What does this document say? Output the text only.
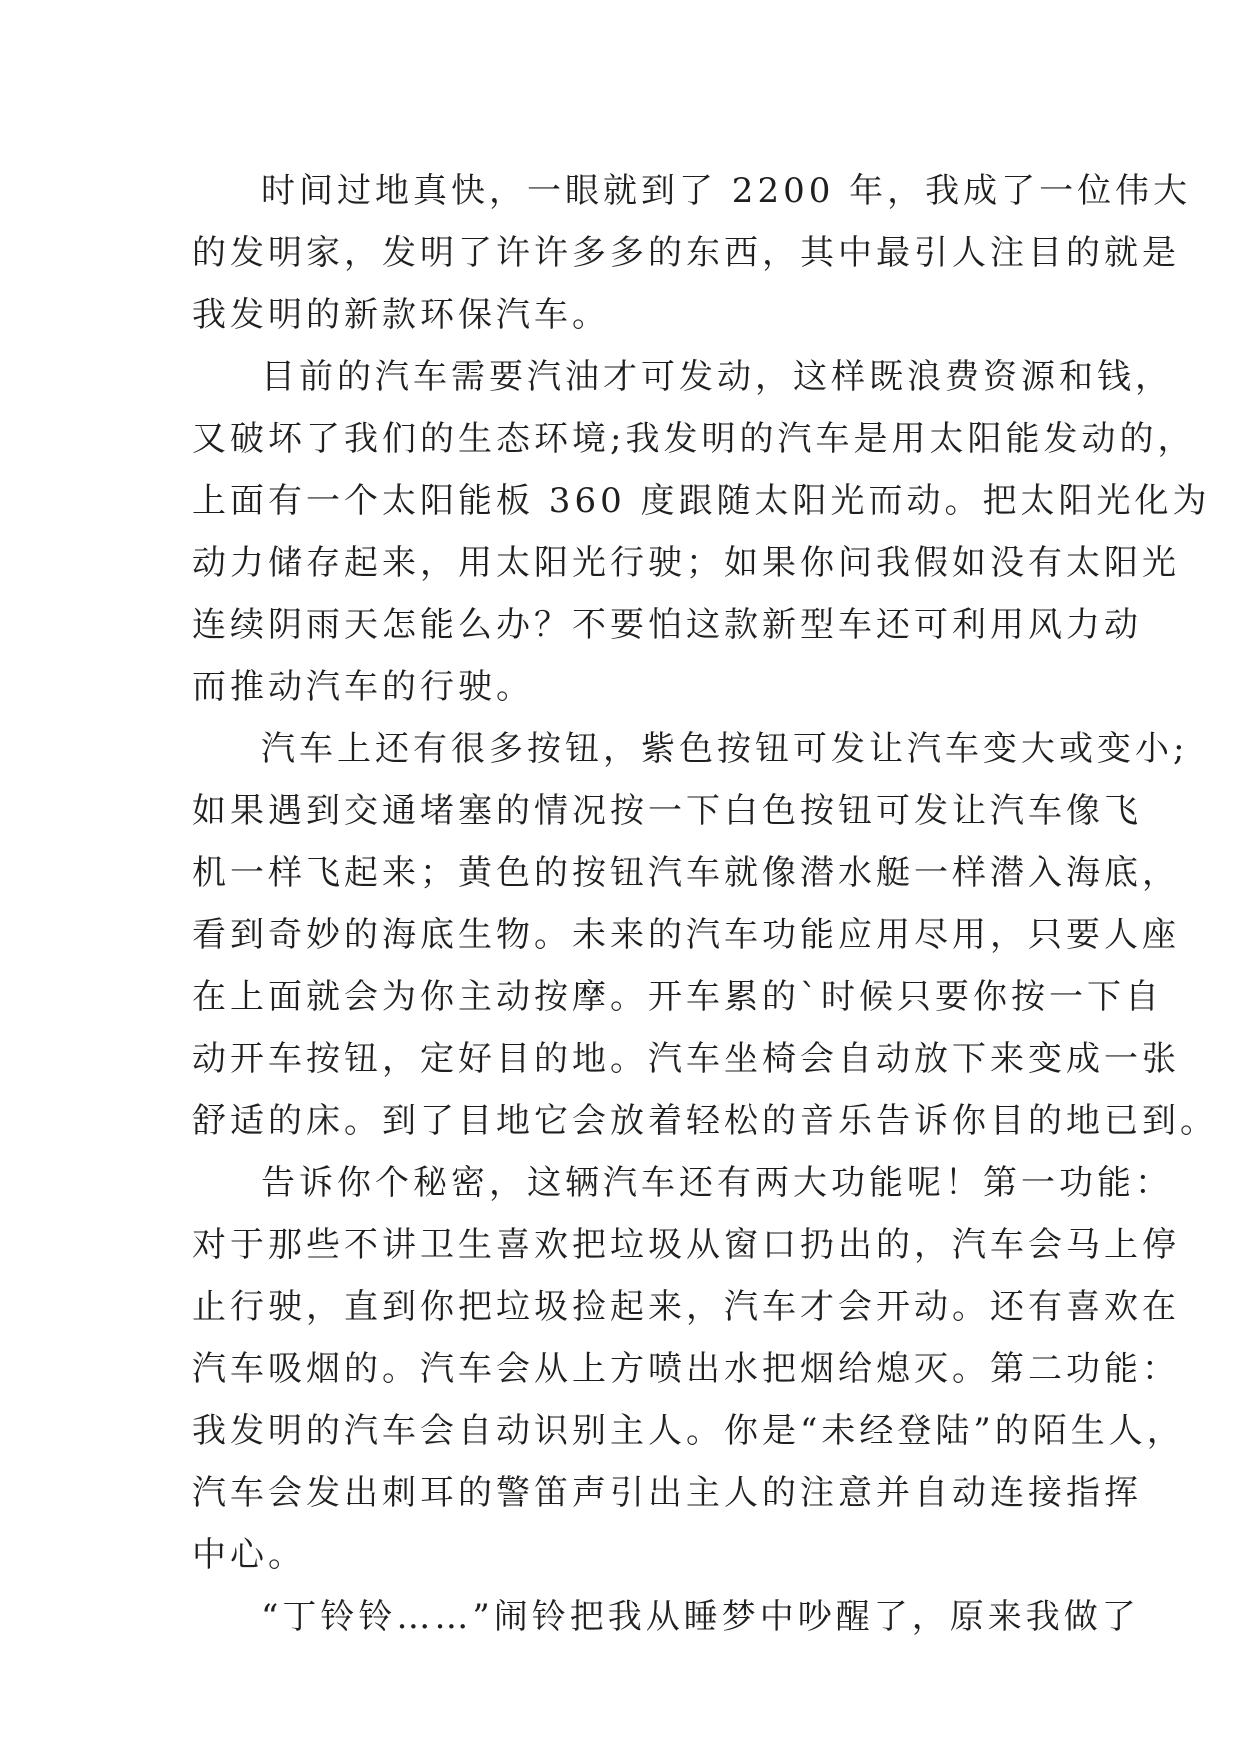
时间过地真快，一眼就到了 2200 年，我成了一位伟大
的发明家，发明了许许多多的东西，其中最引人注目的就是
我发明的新款环保汽车。
目前的汽车需要汽油才可发动，这样既浪费资源和钱，
又破坏了我们的生态环境;我发明的汽车是用太阳能发动的，
上面有一个太阳能板 360 度跟随太阳光而动。把太阳光化为
动力储存起来，用太阳光行驶；如果你问我假如没有太阳光
连续阴雨天怎能么办？不要怕这款新型车还可利用风力动
而推动汽车的行驶。
汽车上还有很多按钮，紫色按钮可发让汽车变大或变小;
如果遇到交通堵塞的情况按一下白色按钮可发让汽车像飞
机一样飞起来；黄色的按钮汽车就像潜水艇一样潜入海底，
看到奇妙的海底生物。未来的汽车功能应用尽用，只要人座
在上面就会为你主动按摩。开车累的`时候只要你按一下自
动开车按钮，定好目的地。汽车坐椅会自动放下来变成一张
舒适的床。到了目地它会放着轻松的音乐告诉你目的地已到。
告诉你个秘密，这辆汽车还有两大功能呢！第一功能：
对于那些不讲卫生喜欢把垃圾从窗口扔出的，汽车会马上停
止行驶，直到你把垃圾捡起来，汽车才会开动。还有喜欢在
汽车吸烟的。汽车会从上方喷出水把烟给熄灭。第二功能：
我发明的汽车会自动识别主人。你是“未经登陆”的陌生人，
汽车会发出刺耳的警笛声引出主人的注意并自动连接指挥
中心。
“丁铃铃……”闹铃把我从睡梦中吵醒了，原来我做了
